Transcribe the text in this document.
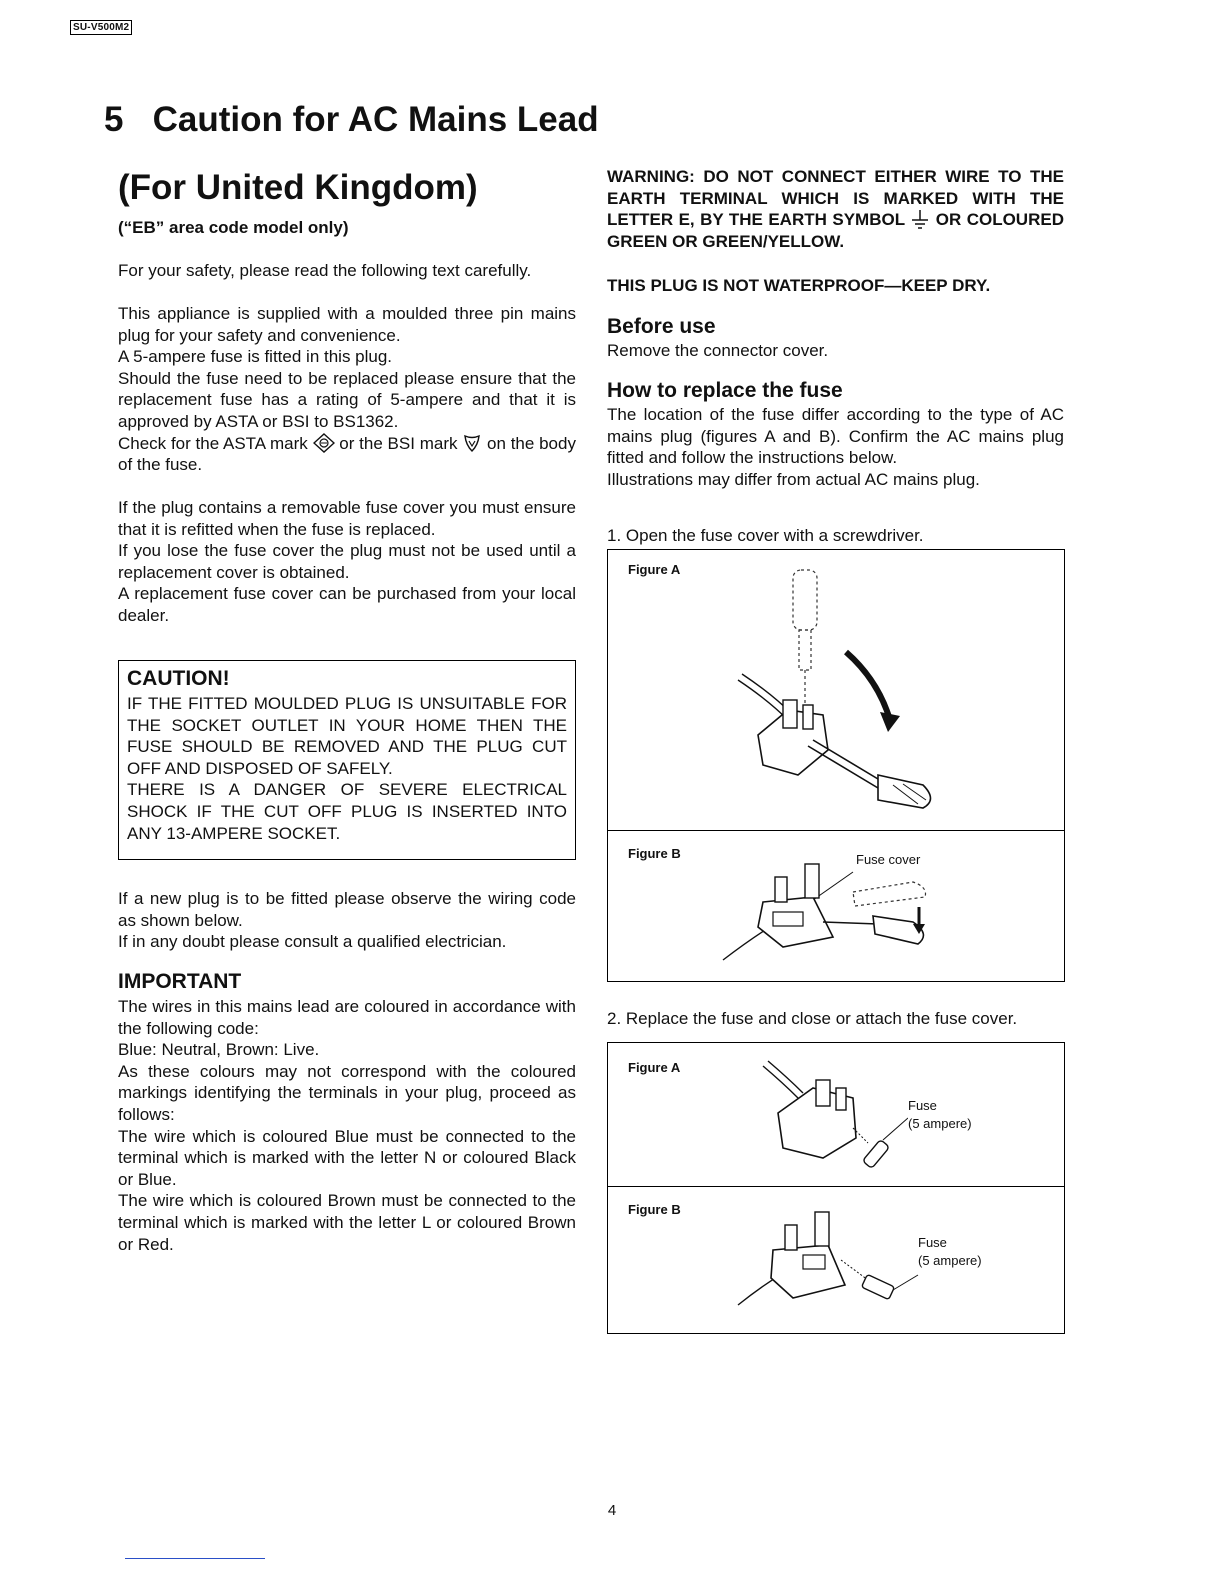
SU-V500M2
5   Caution for AC Mains Lead
(For United Kingdom)
(“EB” area code model only)

For your safety, please read the following text carefully.

This appliance is supplied with a moulded three pin mains plug for your safety and convenience.

A 5-ampere fuse is fitted in this plug.

Should the fuse need to be replaced please ensure that the replacement fuse has a rating of 5-ampere and that it is approved by ASTA or BSI to BS1362.

Check for the ASTA mark or the BSI mark on the body of the fuse.

If the plug contains a removable fuse cover you must ensure that it is refitted when the fuse is replaced.

If you lose the fuse cover the plug must not be used until a replacement cover is obtained.

A replacement fuse cover can be purchased from your local dealer.

CAUTION!

IF THE FITTED MOULDED PLUG IS UNSUITABLE FOR THE SOCKET OUTLET IN YOUR HOME THEN THE FUSE SHOULD BE REMOVED AND THE PLUG CUT OFF AND DISPOSED OF SAFELY.

THERE IS A DANGER OF SEVERE ELECTRICAL SHOCK IF THE CUT OFF PLUG IS INSERTED INTO ANY 13-AMPERE SOCKET.

If a new plug is to be fitted please observe the wiring code as shown below.

If in any doubt please consult a qualified electrician.

IMPORTANT

The wires in this mains lead are coloured in accordance with the following code:

Blue: Neutral, Brown: Live.

As these colours may not correspond with the coloured markings identifying the terminals in your plug, proceed as follows:

The wire which is coloured Blue must be connected to the terminal which is marked with the letter N or coloured Black or Blue.

The wire which is coloured Brown must be connected to the terminal which is marked with the letter L or coloured Brown or Red.

WARNING: DO NOT CONNECT EITHER WIRE TO THE EARTH TERMINAL WHICH IS MARKED WITH THE LETTER E, BY THE EARTH SYMBOL OR COLOURED GREEN OR GREEN/YELLOW.

THIS PLUG IS NOT WATERPROOF—KEEP DRY.

Before use

Remove the connector cover.

How to replace the fuse

The location of the fuse differ according to the type of AC mains plug (figures A and B). Confirm the AC mains plug fitted and follow the instructions below.

Illustrations may differ from actual AC mains plug.

1. Open the fuse cover with a screwdriver.

Figure A
Figure B	Fuse cover

2. Replace the fuse and close or attach the fuse cover.

Figure A
Fuse
(5 ampere)
Figure B
Fuse
(5 ampere)
4
